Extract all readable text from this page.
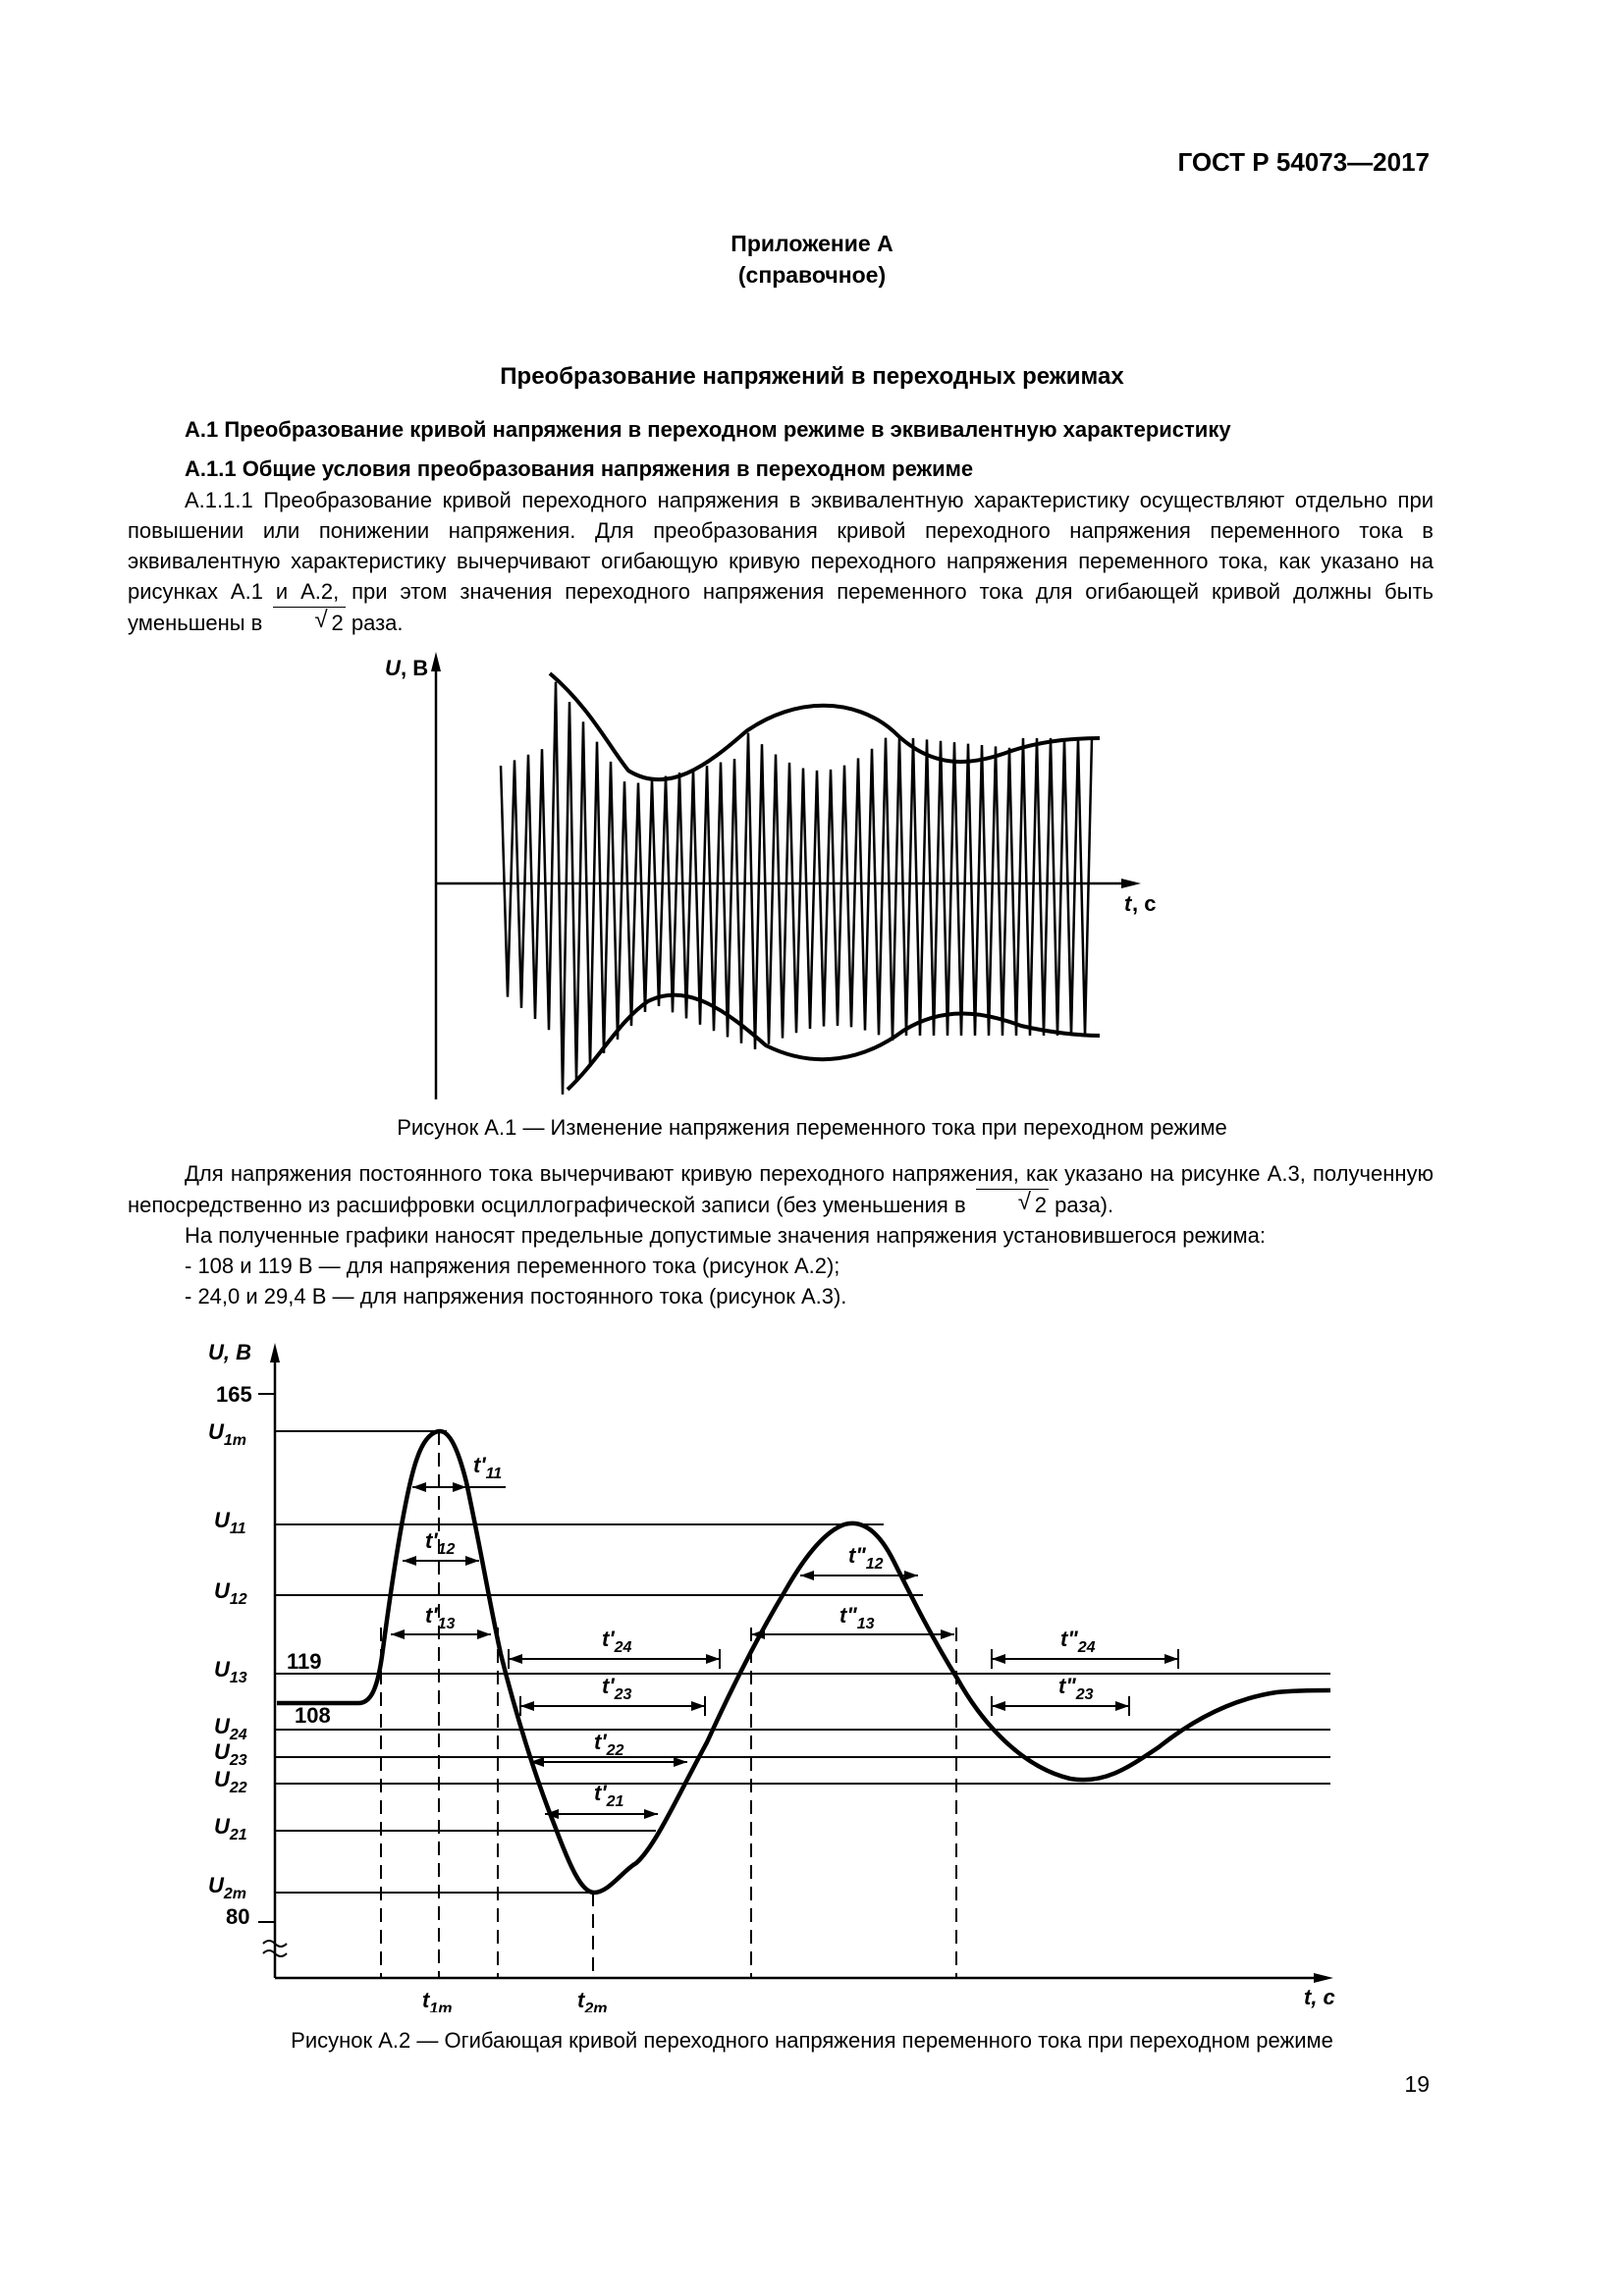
ГОСТ Р 54073—2017
Приложение А
(справочное)
Преобразование напряжений в переходных режимах
А.1 Преобразование кривой напряжения в переходном режиме в эквивалентную характеристику
А.1.1 Общие условия преобразования напряжения в переходном режиме

А.1.1.1 Преобразование кривой переходного напряжения в эквивалентную характеристику осуществляют отдельно при повышении или понижении напряжения. Для преобразования кривой переходного напряжения переменного тока в эквивалентную характеристику вычерчивают огибающую кривую переходного напряжения переменного тока, как указано на рисунках А.1 и А.2, при этом значения переходного напряжения переменного тока для огибающей кривой должны быть уменьшены в	√ 2 раза.

U , В
t , с
Рисунок А.1 — Изменение напряжения переменного тока при переходном режиме

Для напряжения постоянного тока вычерчивают кривую переходного напряжения, как указано на рисунке А.3, полученную непосредственно из расшифровки осциллографической записи (без уменьшения в	√ 2 раза).

На полученные графики наносят предельные допустимые значения напряжения установившегося режима:

- 108 и 119 В — для напряжения переменного тока (рисунок А.2);
- 24,0 и 29,4 В — для напряжения постоянного тока (рисунок А.3).
U, В
165
$U_{1m}$
$U_{11}$
$U_{12}$
$U_{13}$
119
108
$U_{24}$
$U_{23}$
$U_{22}$
$U_{21}$
$U_{2m}$
80
$t_{1m}$	$t_{2m}$	t, с
$t'_{11}$
$t'_{12}$
$t'_{13}$
$t'_{24}$
$t'_{23}$
$t'_{22}$
$t'_{21}$
$t"_{12}$
$t"_{13}$
$t"_{24}$
$t"_{23}$
Рисунок А.2 — Огибающая кривой переходного напряжения переменного тока при переходном режиме
19
